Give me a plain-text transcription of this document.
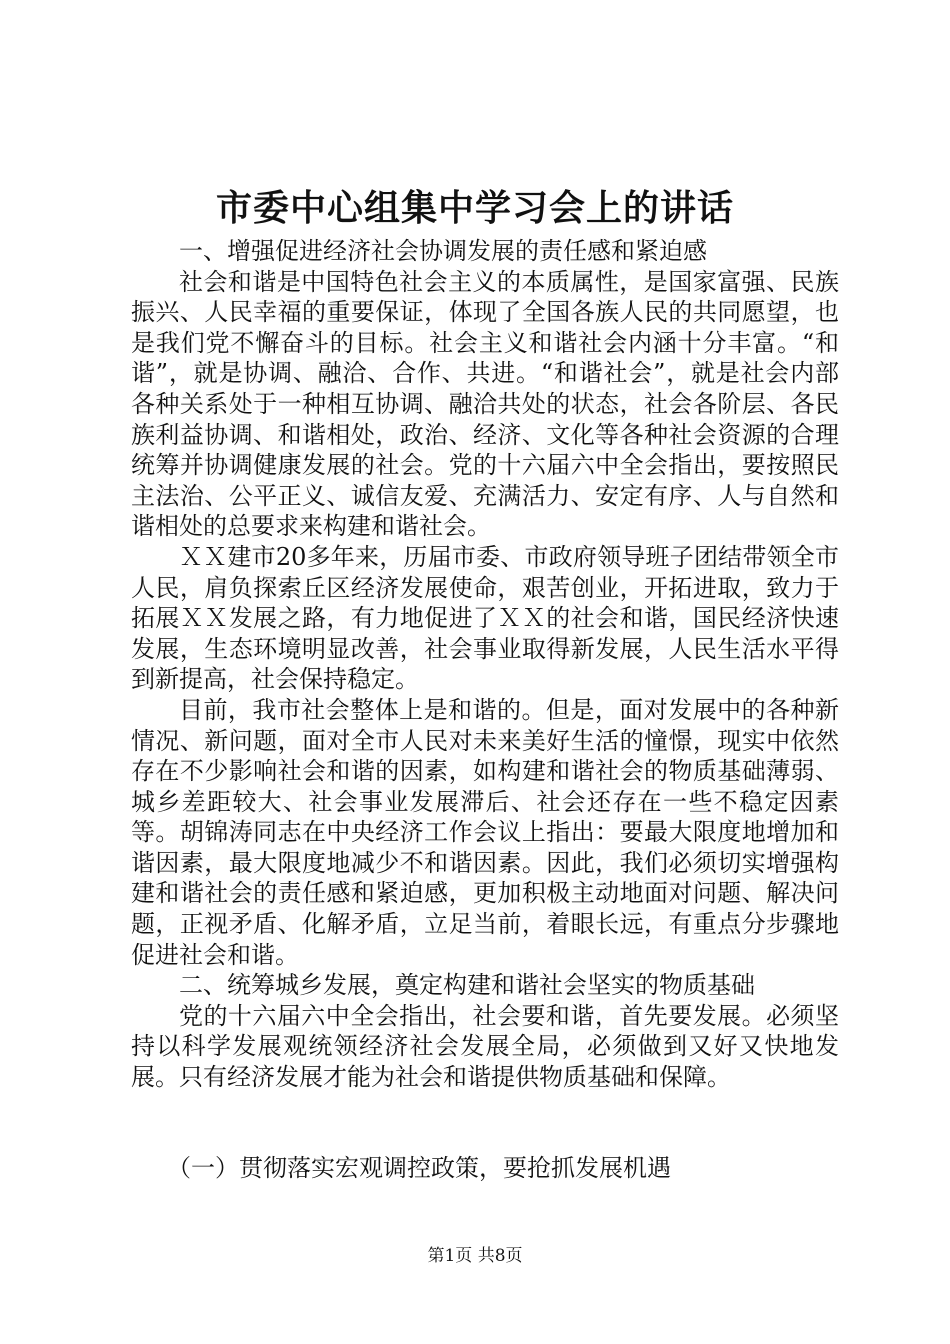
市委中心组集中学习会上的讲话

一、增强促进经济社会协调发展的责任感和紧迫感

社会和谐是中国特色社会主义的本质属性，是国家富强、民族振兴、人民幸福的重要保证，体现了全国各族人民的共同愿望，也是我们党不懈奋斗的目标。社会主义和谐社会内涵十分丰富。“和谐”，就是协调、融洽、合作、共进。“和谐社会”，就是社会内部各种关系处于一种相互协调、融洽共处的状态，社会各阶层、各民族利益协调、和谐相处，政治、经济、文化等各种社会资源的合理统筹并协调健康发展的社会。党的十六届六中全会指出，要按照民主法治、公平正义、诚信友爱、充满活力、安定有序、人与自然和谐相处的总要求来构建和谐社会。

ＸＸ建市20多年来，历届市委、市政府领导班子团结带领全市人民，肩负探索丘区经济发展使命，艰苦创业，开拓进取，致力于拓展ＸＸ发展之路，有力地促进了ＸＸ的社会和谐，国民经济快速发展，生态环境明显改善，社会事业取得新发展，人民生活水平得到新提高，社会保持稳定。

目前，我市社会整体上是和谐的。但是，面对发展中的各种新情况、新问题，面对全市人民对未来美好生活的憧憬，现实中依然存在不少影响社会和谐的因素，如构建和谐社会的物质基础薄弱、城乡差距较大、社会事业发展滞后、社会还存在一些不稳定因素等。胡锦涛同志在中央经济工作会议上指出：要最大限度地增加和谐因素，最大限度地减少不和谐因素。因此，我们必须切实增强构建和谐社会的责任感和紧迫感，更加积极主动地面对问题、解决问题，正视矛盾、化解矛盾，立足当前，着眼长远，有重点分步骤地促进社会和谐。

二、统筹城乡发展，奠定构建和谐社会坚实的物质基础

党的十六届六中全会指出，社会要和谐，首先要发展。必须坚持以科学发展观统领经济社会发展全局，必须做到又好又快地发展。只有经济发展才能为社会和谐提供物质基础和保障。

（一）贯彻落实宏观调控政策，要抢抓发展机遇

第1页 共8页
